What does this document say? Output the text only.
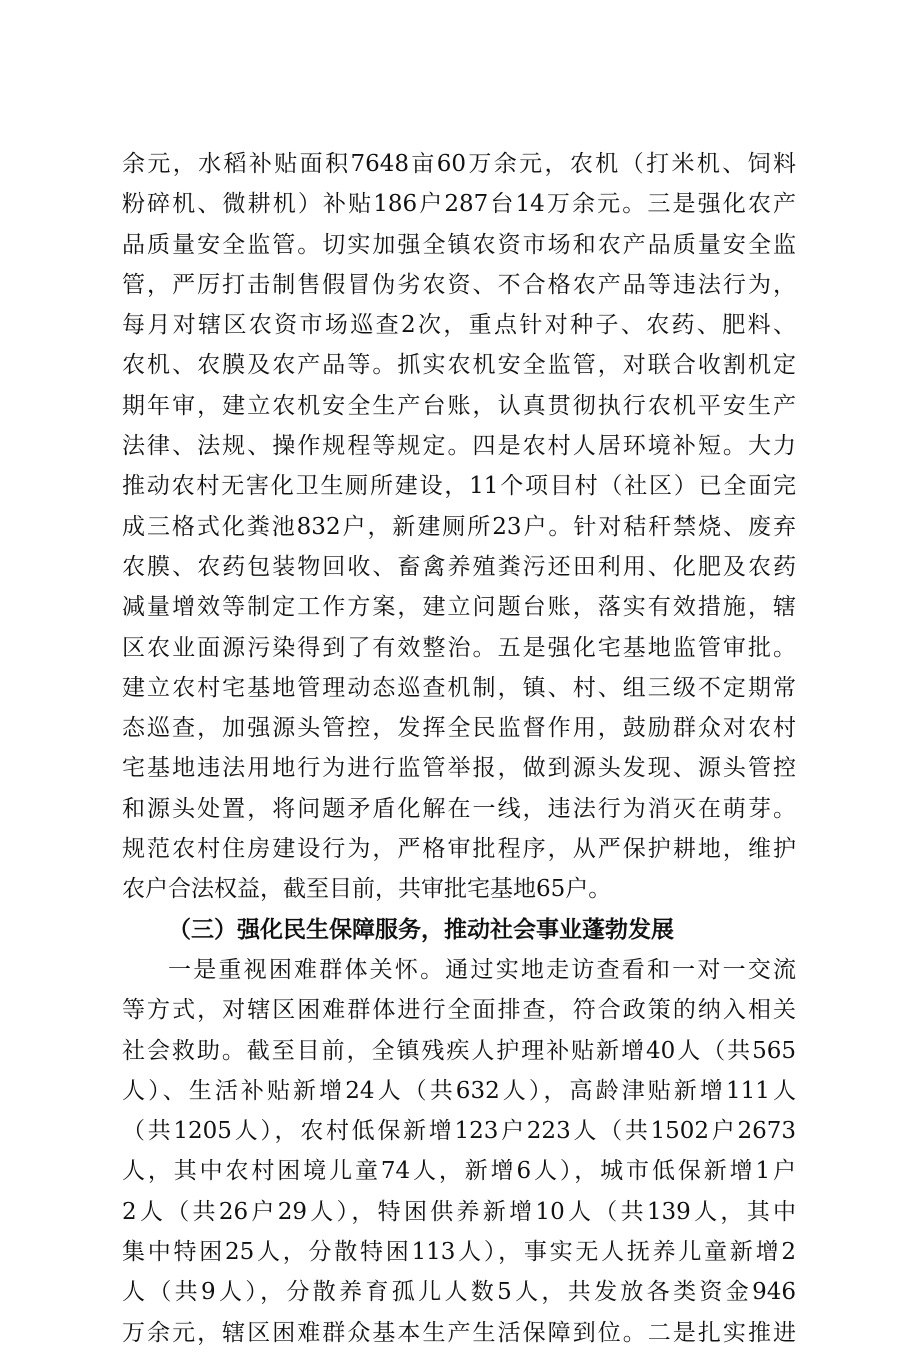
余元，水稻补贴面积7648亩60万余元，农机（打米机、饲料
粉碎机、微耕机）补贴186户287台14万余元。三是强化农产
品质量安全监管。切实加强全镇农资市场和农产品质量安全监
管，严厉打击制售假冒伪劣农资、不合格农产品等违法行为，
每月对辖区农资市场巡查2次，重点针对种子、农药、肥料、
农机、农膜及农产品等。抓实农机安全监管，对联合收割机定
期年审，建立农机安全生产台账，认真贯彻执行农机平安生产
法律、法规、操作规程等规定。四是农村人居环境补短。大力
推动农村无害化卫生厕所建设，11个项目村（社区）已全面完
成三格式化粪池832户，新建厕所23户。针对秸秆禁烧、废弃
农膜、农药包装物回收、畜禽养殖粪污还田利用、化肥及农药
减量增效等制定工作方案，建立问题台账，落实有效措施，辖
区农业面源污染得到了有效整治。五是强化宅基地监管审批。
建立农村宅基地管理动态巡查机制，镇、村、组三级不定期常
态巡查，加强源头管控，发挥全民监督作用，鼓励群众对农村
宅基地违法用地行为进行监管举报，做到源头发现、源头管控
和源头处置，将问题矛盾化解在一线，违法行为消灭在萌芽。
规范农村住房建设行为，严格审批程序，从严保护耕地，维护
农户合法权益，截至目前，共审批宅基地65户。
（三）强化民生保障服务，推动社会事业蓬勃发展
一是重视困难群体关怀。通过实地走访查看和一对一交流
等方式，对辖区困难群体进行全面排查，符合政策的纳入相关
社会救助。截至目前，全镇残疾人护理补贴新增40人（共565
人）、生活补贴新增24人（共632人），高龄津贴新增111人
（共1205人），农村低保新增123户223人（共1502户2673
人，其中农村困境儿童74人，新增6人），城市低保新增1户
2人（共26户29人），特困供养新增10人（共139人，其中
集中特困25人，分散特困113人），事实无人抚养儿童新增2
人（共9人），分散养育孤儿人数5人，共发放各类资金946
万余元，辖区困难群众基本生产生活保障到位。二是扎实推进
